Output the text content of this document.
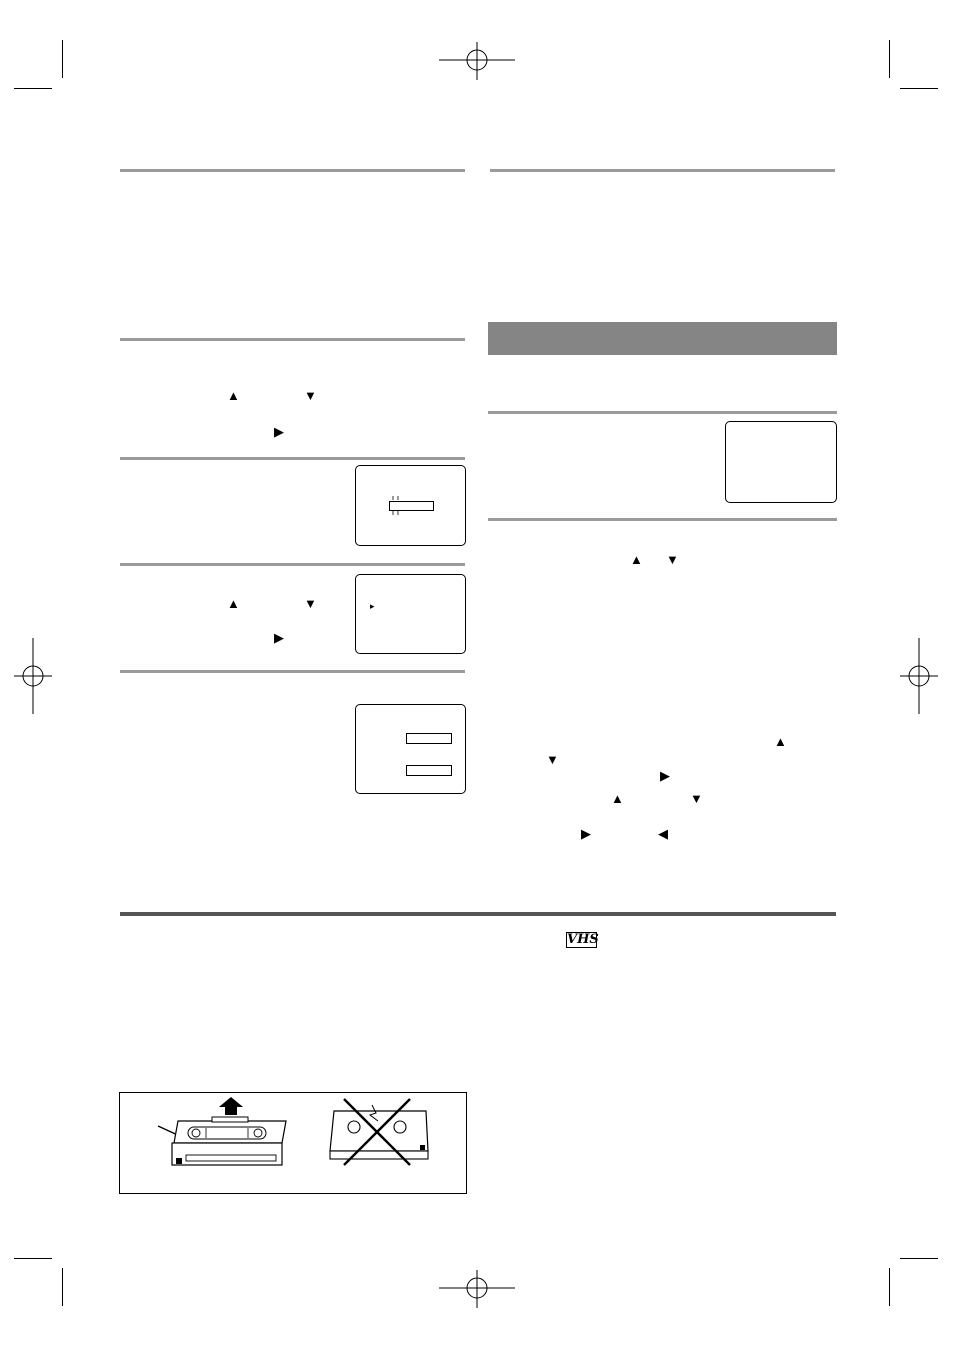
▲	▼
▶
▲	▼
▶
▸
▲ ▼
▲
▼
▶
▲	▼
▶	◀
VHS
